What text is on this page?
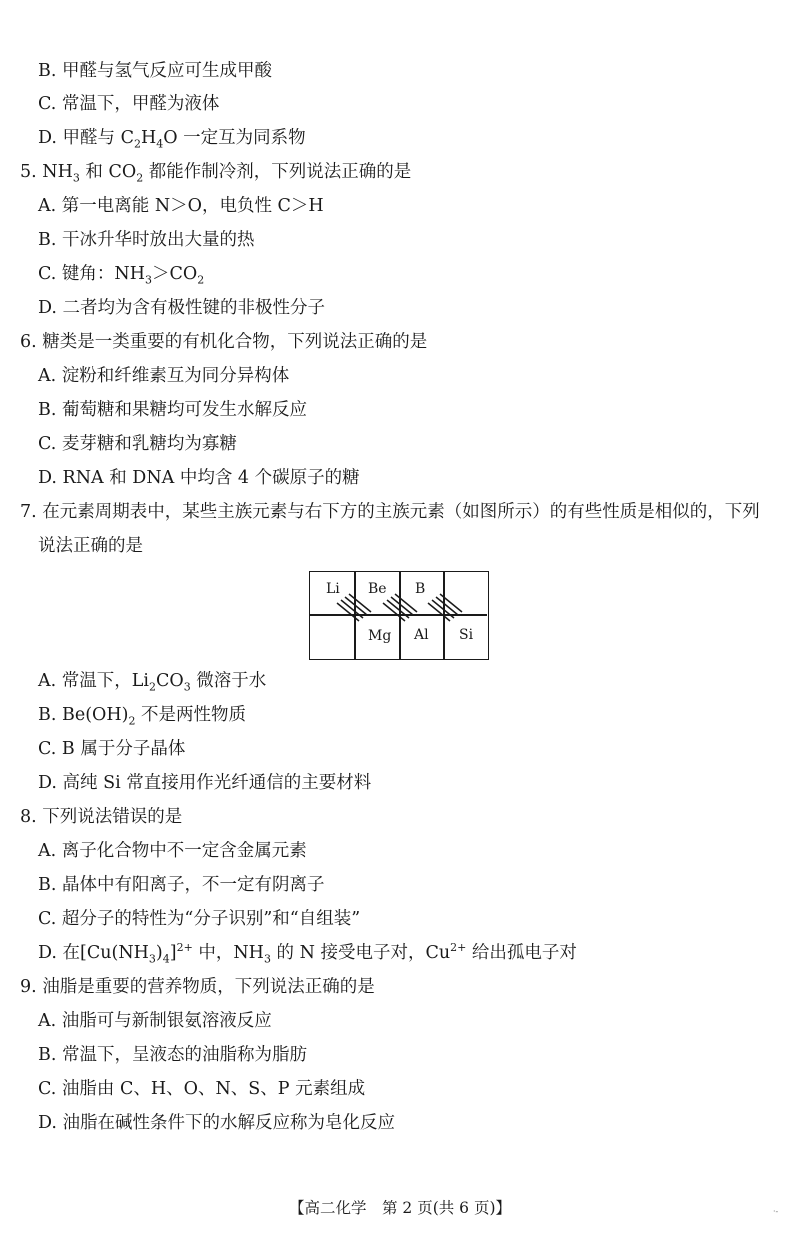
B. 甲醛与氢气反应可生成甲酸
C. 常温下，甲醛为液体
D. 甲醛与 $C_2H_4O$ 一定互为同系物
5. $NH_3$ 和 $CO_2$ 都能作制冷剂，下列说法正确的是
A. 第一电离能 N＞O，电负性 C＞H
B. 干冰升华时放出大量的热
C. 键角：$NH_3>CO_2$
D. 二者均为含有极性键的非极性分子
6. 糖类是一类重要的有机化合物，下列说法正确的是
A. 淀粉和纤维素互为同分异构体
B. 葡萄糖和果糖均可发生水解反应
C. 麦芽糖和乳糖均为寡糖
D. RNA 和 DNA 中均含 4 个碳原子的糖
7. 在元素周期表中，某些主族元素与右下方的主族元素（如图所示）的有些性质是相似的，下列
说法正确的是
Li Be B
Mg Al Si
A. 常温下，$Li_2CO_3$ 微溶于水
B. $Be(OH)_2$ 不是两性物质
C. B 属于分子晶体
D. 高纯 Si 常直接用作光纤通信的主要材料
8. 下列说法错误的是
A. 离子化合物中不一定含金属元素
B. 晶体中有阳离子，不一定有阴离子
C. 超分子的特性为“分子识别”和“自组装”
D. 在$[Cu(NH_3)_4]^{2+}$ 中，$NH_3$ 的 N 接受电子对，$Cu^{2+}$ 给出孤电子对
9. 油脂是重要的营养物质，下列说法正确的是
A. 油脂可与新制银氨溶液反应
B. 常温下，呈液态的油脂称为脂肪
C. 油脂由 C、H、O、N、S、P 元素组成
D. 油脂在碱性条件下的水解反应称为皂化反应
【高二化学　第 2 页(共 6 页)】	·-
